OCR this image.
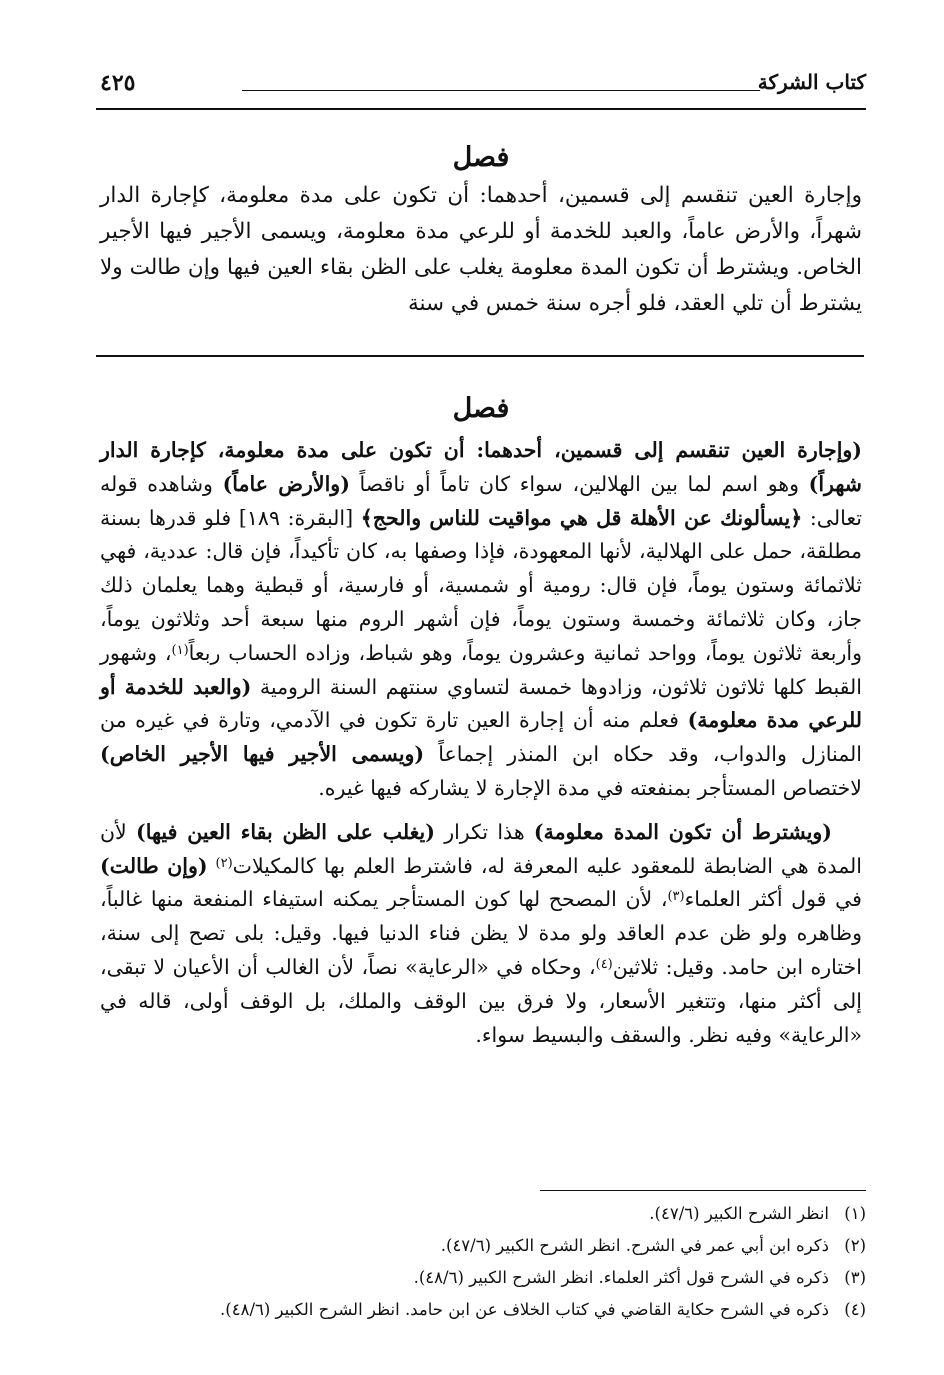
كتاب الشركة
٤٢٥
فصل

وإجارة العين تنقسم إلى قسمين، أحدهما: أن تكون على مدة معلومة، كإجارة الدار شهراً، والأرض عاماً، والعبد للخدمة أو للرعي مدة معلومة، ويسمى الأجير فيها الأجير الخاص. ويشترط أن تكون المدة معلومة يغلب على الظن بقاء العين فيها وإن طالت ولا يشترط أن تلي العقد، فلو أجره سنة خمس في سنة

فصل

(وإجارة العين تنقسم إلى قسمين، أحدهما: أن تكون على مدة معلومة، كإجارة الدار شهراً) وهو اسم لما بين الهلالين، سواء كان تاماً أو ناقصاً (والأرض عاماً) وشاهده قوله تعالى: ﴿يسألونك عن الأهلة قل هي مواقيت للناس والحج﴾ [البقرة: ١٨٩] فلو قدرها بسنة مطلقة، حمل على الهلالية، لأنها المعهودة، فإذا وصفها به، كان تأكيداً، فإن قال: عددية، فهي ثلاثمائة وستون يوماً، فإن قال: رومية أو شمسية، أو فارسية، أو قبطية وهما يعلمان ذلك جاز، وكان ثلاثمائة وخمسة وستون يوماً، فإن أشهر الروم منها سبعة أحد وثلاثون يوماً، وأربعة ثلاثون يوماً، وواحد ثمانية وعشرون يوماً، وهو شباط، وزاده الحساب ربعاً$^{(١)}$، وشهور القبط كلها ثلاثون ثلاثون، وزادوها خمسة لتساوي سنتهم السنة الرومية (والعبد للخدمة أو للرعي مدة معلومة) فعلم منه أن إجارة العين تارة تكون في الآدمي، وتارة في غيره من المنازل والدواب، وقد حكاه ابن المنذر إجماعاً (ويسمى الأجير فيها الأجير الخاص) لاختصاص المستأجر بمنفعته في مدة الإجارة لا يشاركه فيها غيره.

(ويشترط أن تكون المدة معلومة) هذا تكرار (يغلب على الظن بقاء العين فيها) لأن المدة هي الضابطة للمعقود عليه المعرفة له، فاشترط العلم بها كالمكيلات$^{(٢)}$ (وإن طالت) في قول أكثر العلماء$^{(٣)}$، لأن المصحح لها كون المستأجر يمكنه استيفاء المنفعة منها غالباً، وظاهره ولو ظن عدم العاقد ولو مدة لا يظن فناء الدنيا فيها. وقيل: بلى تصح إلى سنة، اختاره ابن حامد. وقيل: ثلاثين$^{(٤)}$، وحكاه في «الرعاية» نصاً، لأن الغالب أن الأعيان لا تبقى، إلى أكثر منها، وتتغير الأسعار، ولا فرق بين الوقف والملك، بل الوقف أولى، قاله في «الرعاية» وفيه نظر. والسقف والبسيط سواء.

(١) انظر الشرح الكبير (٤٧/٦).
(٢) ذكره ابن أبي عمر في الشرح. انظر الشرح الكبير (٤٧/٦).
(٣) ذكره في الشرح قول أكثر العلماء. انظر الشرح الكبير (٤٨/٦).
(٤) ذكره في الشرح حكاية القاضي في كتاب الخلاف عن ابن حامد. انظر الشرح الكبير (٤٨/٦).
